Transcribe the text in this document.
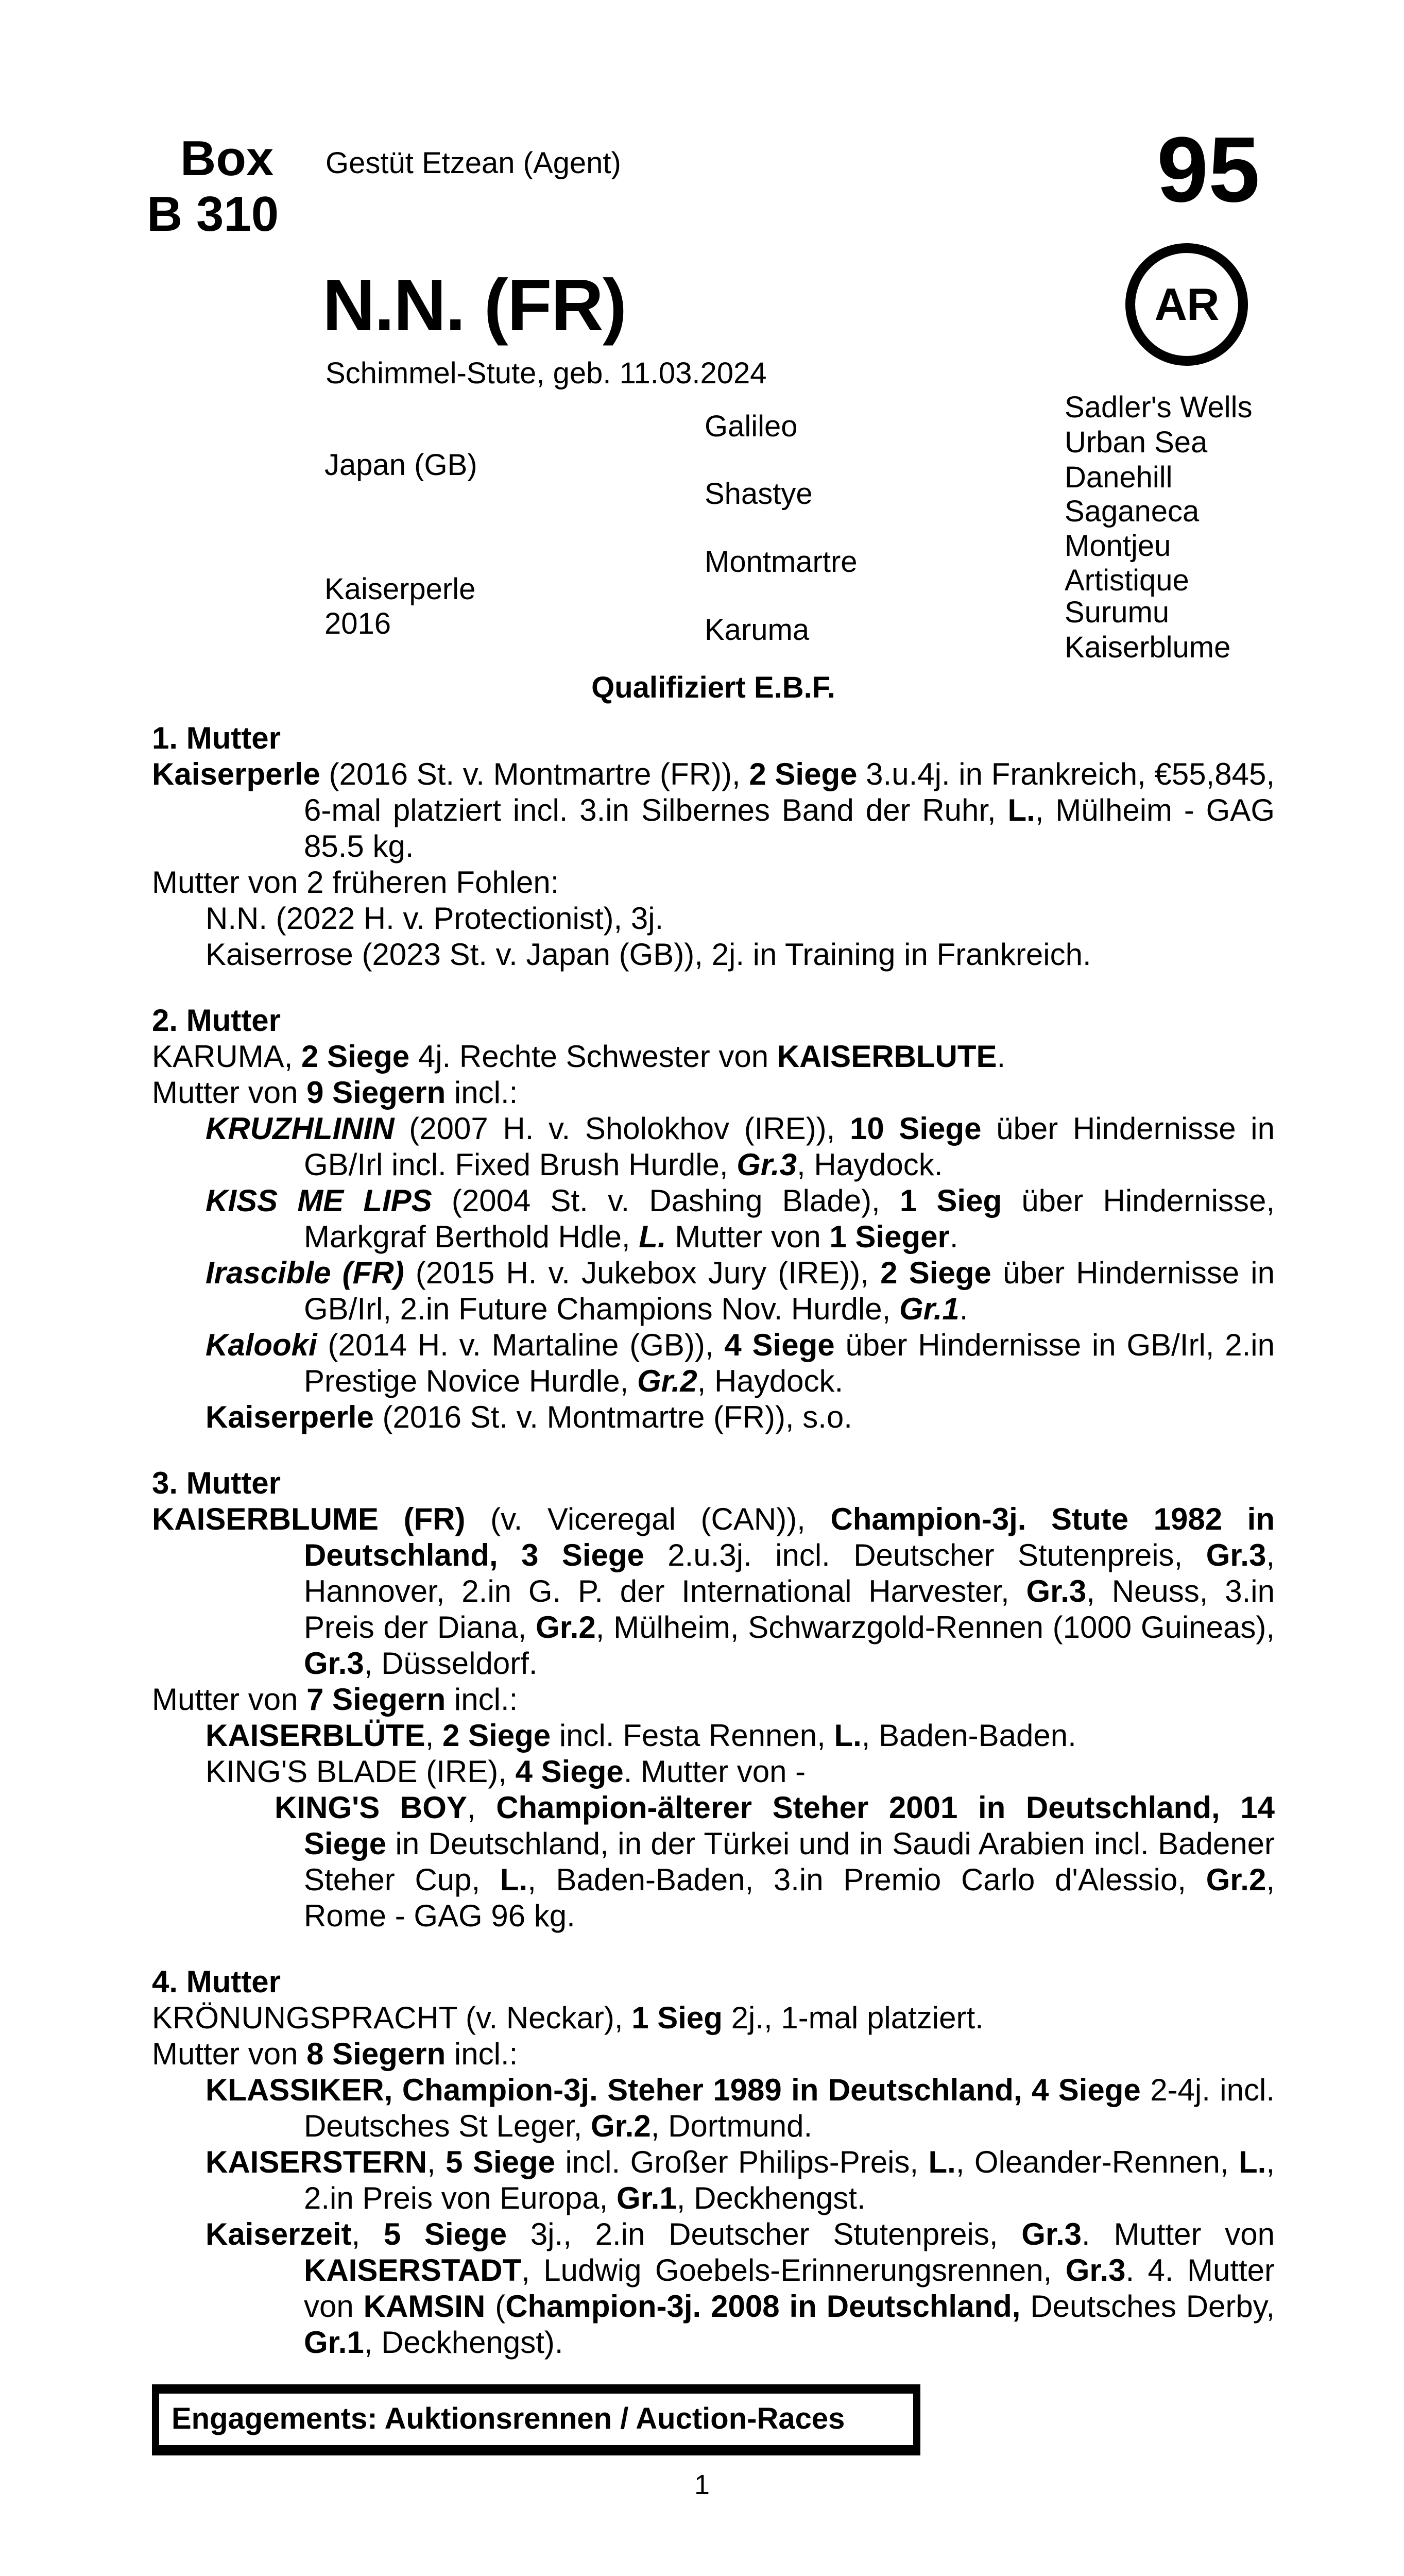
Box
B 310
Gestüt Etzean (Agent)	95
N.N. (FR)	AR
Schimmel-Stute, geb. 11.03.2024
Japan (GB)
Kaiserperle
2016
Galileo
Shastye
Montmartre
Karuma
Sadler's Wells
Urban Sea
Danehill
Saganeca
Montjeu
Artistique
Surumu
Kaiserblume
Qualifiziert E.B.F.
1. Mutter
Kaiserperle (2016 St. v. Montmartre (FR)), 2 Siege 3.u.4j. in Frankreich, €55,845, 6-mal platziert incl. 3.in Silbernes Band der Ruhr, L., Mülheim - GAG 85.5 kg.
Mutter von 2 früheren Fohlen:
N.N. (2022 H. v. Protectionist), 3j.
Kaiserrose (2023 St. v. Japan (GB)), 2j. in Training in Frankreich.
2. Mutter
KARUMA, 2 Siege 4j. Rechte Schwester von KAISERBLUTE.
Mutter von 9 Siegern incl.:
KRUZHLININ (2007 H. v. Sholokhov (IRE)), 10 Siege über Hindernisse in GB/Irl incl. Fixed Brush Hurdle, Gr.3, Haydock.
KISS ME LIPS (2004 St. v. Dashing Blade), 1 Sieg über Hindernisse, Markgraf Berthold Hdle, L. Mutter von 1 Sieger.
Irascible (FR) (2015 H. v. Jukebox Jury (IRE)), 2 Siege über Hindernisse in GB/Irl, 2.in Future Champions Nov. Hurdle, Gr.1.
Kalooki (2014 H. v. Martaline (GB)), 4 Siege über Hindernisse in GB/Irl, 2.in Prestige Novice Hurdle, Gr.2, Haydock.
Kaiserperle (2016 St. v. Montmartre (FR)), s.o.
3. Mutter
KAISERBLUME (FR) (v. Viceregal (CAN)), Champion-3j. Stute 1982 in Deutschland, 3 Siege 2.u.3j. incl. Deutscher Stutenpreis, Gr.3, Hannover, 2.in G. P. der International Harvester, Gr.3, Neuss, 3.in Preis der Diana, Gr.2, Mülheim, Schwarzgold-Rennen (1000 Guineas), Gr.3, Düsseldorf.
Mutter von 7 Siegern incl.:
KAISERBLÜTE, 2 Siege incl. Festa Rennen, L., Baden-Baden.
KING'S BLADE (IRE), 4 Siege. Mutter von -
KING'S BOY, Champion-älterer Steher 2001 in Deutschland, 14 Siege in Deutschland, in der Türkei und in Saudi Arabien incl. Badener Steher Cup, L., Baden-Baden, 3.in Premio Carlo d'Alessio, Gr.2, Rome - GAG 96 kg.
4. Mutter
KRÖNUNGSPRACHT (v. Neckar), 1 Sieg 2j., 1-mal platziert.
Mutter von 8 Siegern incl.:
KLASSIKER, Champion-3j. Steher 1989 in Deutschland, 4 Siege 2-4j. incl. Deutsches St Leger, Gr.2, Dortmund.
KAISERSTERN, 5 Siege incl. Großer Philips-Preis, L., Oleander-Rennen, L., 2.in Preis von Europa, Gr.1, Deckhengst.
Kaiserzeit, 5 Siege 3j., 2.in Deutscher Stutenpreis, Gr.3. Mutter von KAISERSTADT, Ludwig Goebels-Erinnerungsrennen, Gr.3. 4. Mutter von KAMSIN (Champion-3j. 2008 in Deutschland, Deutsches Derby, Gr.1, Deckhengst).
Engagements: Auktionsrennen / Auction-Races
1
